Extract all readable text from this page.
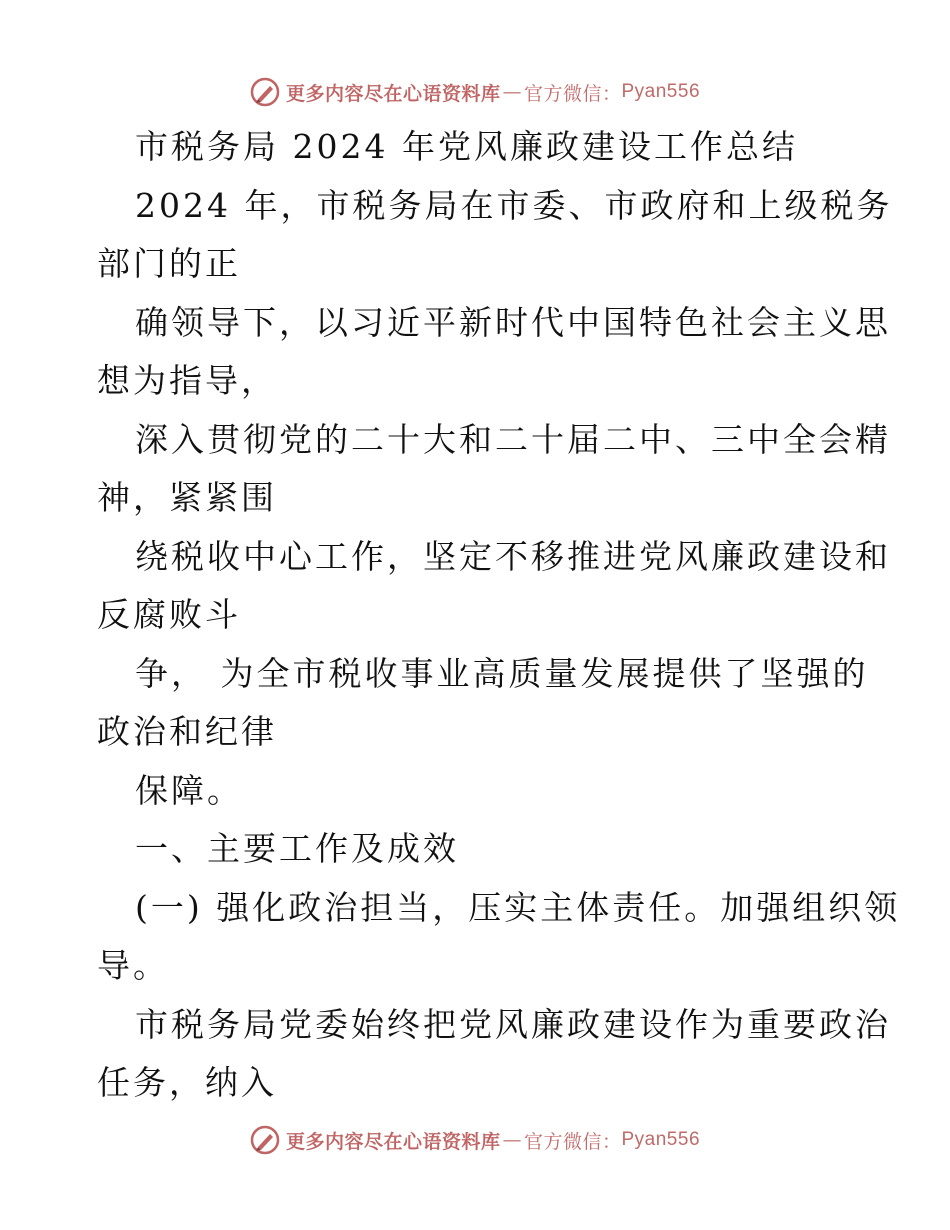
更多内容尽在心语资料库 — 官方微信： Pyan556
市税务局 2024 年党风廉政建设工作总结
2024 年，市税务局在市委、市政府和上级税务
部门的正
确领导下，以习近平新时代中国特色社会主义思
想为指导，
深入贯彻党的二十大和二十届二中、三中全会精
神，紧紧围
绕税收中心工作，坚定不移推进党风廉政建设和
反腐败斗
争， 为全市税收事业高质量发展提供了坚强的
政治和纪律
保障。
一、主要工作及成效
(一) 强化政治担当，压实主体责任。加强组织领
导。
市税务局党委始终把党风廉政建设作为重要政治
任务，纳入
更多内容尽在心语资料库 — 官方微信： Pyan556
